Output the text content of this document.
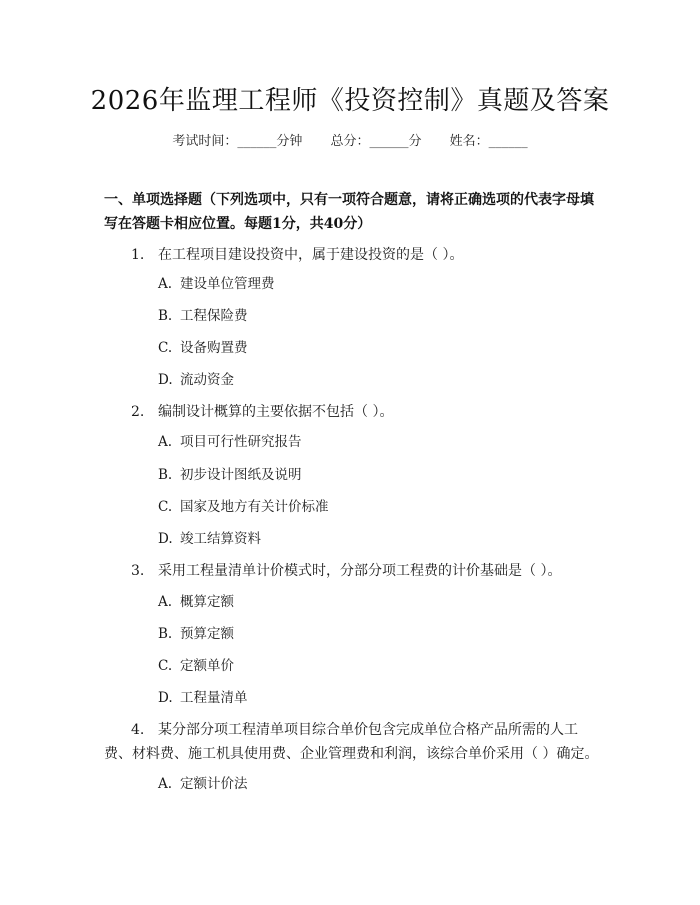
2026年监理工程师《投资控制》真题及答案
考试时间：______分钟 总分：______分 姓名：______
一、单项选择题（下列选项中，只有一项符合题意，请将正确选项的代表字母填写在答题卡相应位置。每题1分，共40分）
1. 在工程项目建设投资中，属于建设投资的是（ ）。
A. 建设单位管理费
B. 工程保险费
C. 设备购置费
D. 流动资金
2. 编制设计概算的主要依据不包括（ ）。
A. 项目可行性研究报告
B. 初步设计图纸及说明
C. 国家及地方有关计价标准
D. 竣工结算资料
3. 采用工程量清单计价模式时，分部分项工程费的计价基础是（ ）。
A. 概算定额
B. 预算定额
C. 定额单价
D. 工程量清单
4. 某分部分项工程清单项目综合单价包含完成单位合格产品所需的人工费、材料费、施工机具使用费、企业管理费和利润，该综合单价采用（ ）确定。
A. 定额计价法
